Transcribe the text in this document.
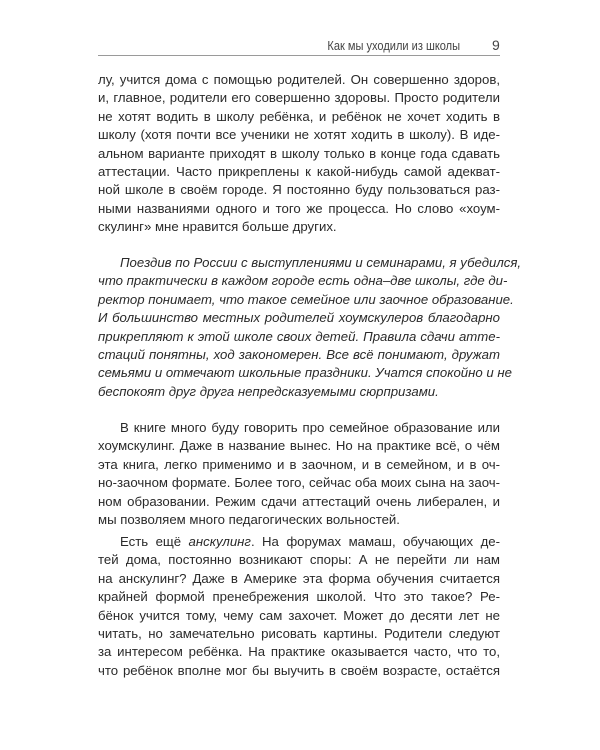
Как мы уходили из школы 9
лу, учится дома с помощью родителей. Он совершенно здоров,
и, главное, родители его совершенно здоровы. Просто родители
не хотят водить в школу ребёнка, и ребёнок не хочет ходить в
школу (хотя почти все ученики не хотят ходить в школу). В иде-
альном варианте приходят в школу только в конце года сдавать
аттестации. Часто прикреплены к какой-нибудь самой адекват-
ной школе в своём городе. Я постоянно буду пользоваться раз-
ными названиями одного и того же процесса. Но слово «хоум-
скулинг» мне нравится больше других.
Поездив по России с выступлениями и семинарами, я убедился,
что практически в каждом городе есть одна–две школы, где ди-
ректор понимает, что такое семейное или заочное образование.
И большинство местных родителей хоумскулеров благодарно
прикрепляют к этой школе своих детей. Правила сдачи атте-
стаций понятны, ход закономерен. Все всё понимают, дружат
семьями и отмечают школьные праздники. Учатся спокойно и не
беспокоят друг друга непредсказуемыми сюрпризами.
В книге много буду говорить про семейное образование или
хоумскулинг. Даже в название вынес. Но на практике всё, о чём
эта книга, легко применимо и в заочном, и в семейном, и в оч-
но-заочном формате. Более того, сейчас оба моих сына на заоч-
ном образовании. Режим сдачи аттестаций очень либерален, и
мы позволяем много педагогических вольностей.
Есть ещё анскулинг. На форумах мамаш, обучающих де-
тей дома, постоянно возникают споры: А не перейти ли нам
на анскулинг? Даже в Америке эта форма обучения считается
крайней формой пренебрежения школой. Что это такое? Ре-
бёнок учится тому, чему сам захочет. Может до десяти лет не
читать, но замечательно рисовать картины. Родители следуют
за интересом ребёнка. На практике оказывается часто, что то,
что ребёнок вполне мог бы выучить в своём возрасте, остаётся
